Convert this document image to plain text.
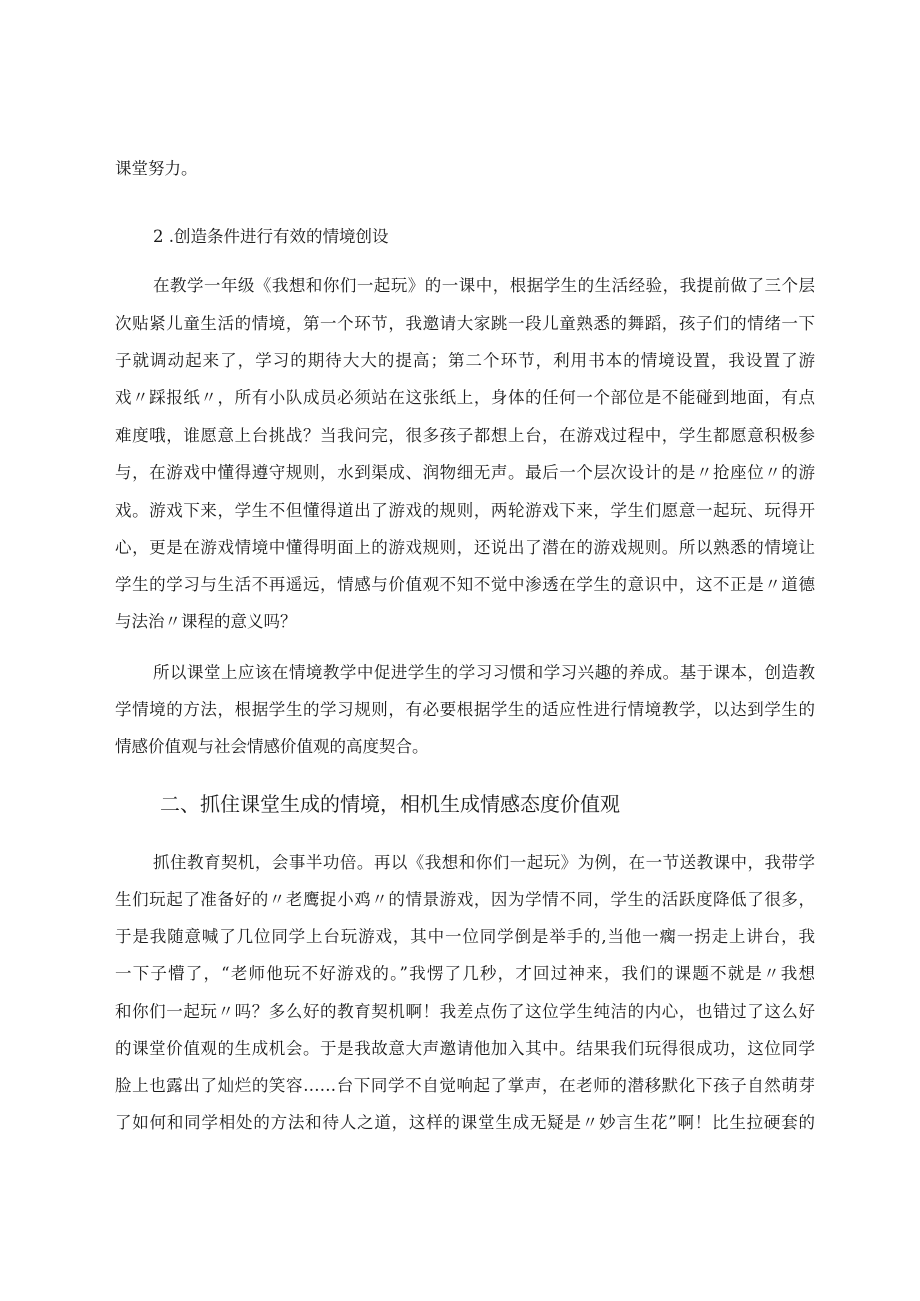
课堂努力。

2 .创造条件进行有效的情境创设

在教学一年级《我想和你们一起玩》的一课中，根据学生的生活经验，我提前做了三个层

次贴紧儿童生活的情境，第一个环节，我邀请大家跳一段儿童熟悉的舞蹈，孩子们的情绪一下

子就调动起来了，学习的期待大大的提高；第二个环节，利用书本的情境设置，我设置了游

戏〃踩报纸〃，所有小队成员必须站在这张纸上，身体的任何一个部位是不能碰到地面，有点

难度哦，谁愿意上台挑战？当我问完，很多孩子都想上台，在游戏过程中，学生都愿意积极参

与，在游戏中懂得遵守规则，水到渠成、润物细无声。最后一个层次设计的是〃抢座位〃的游

戏。游戏下来，学生不但懂得道出了游戏的规则，两轮游戏下来，学生们愿意一起玩、玩得开

心，更是在游戏情境中懂得明面上的游戏规则，还说出了潜在的游戏规则。所以熟悉的情境让

学生的学习与生活不再遥远，情感与价值观不知不觉中渗透在学生的意识中，这不正是〃道德

与法治〃课程的意义吗？

所以课堂上应该在情境教学中促进学生的学习习惯和学习兴趣的养成。基于课本，创造教

学情境的方法，根据学生的学习规则，有必要根据学生的适应性进行情境教学，以达到学生的

情感价值观与社会情感价值观的高度契合。

二、抓住课堂生成的情境，相机生成情感态度价值观

抓住教育契机，会事半功倍。再以《我想和你们一起玩》为例，在一节送教课中，我带学

生们玩起了准备好的〃老鹰捉小鸡〃的情景游戏，因为学情不同，学生的活跃度降低了很多，

于是我随意喊了几位同学上台玩游戏，其中一位同学倒是举手的,当他一瘸一拐走上讲台，我

一下子懵了，“老师他玩不好游戏的。”我愣了几秒，才回过神来，我们的课题不就是〃我想

和你们一起玩〃吗？多么好的教育契机啊！我差点伤了这位学生纯洁的内心，也错过了这么好

的课堂价值观的生成机会。于是我故意大声邀请他加入其中。结果我们玩得很成功，这位同学

脸上也露出了灿烂的笑容……台下同学不自觉响起了掌声，在老师的潜移默化下孩子自然萌芽

了如何和同学相处的方法和待人之道，这样的课堂生成无疑是〃妙言生花”啊！比生拉硬套的
